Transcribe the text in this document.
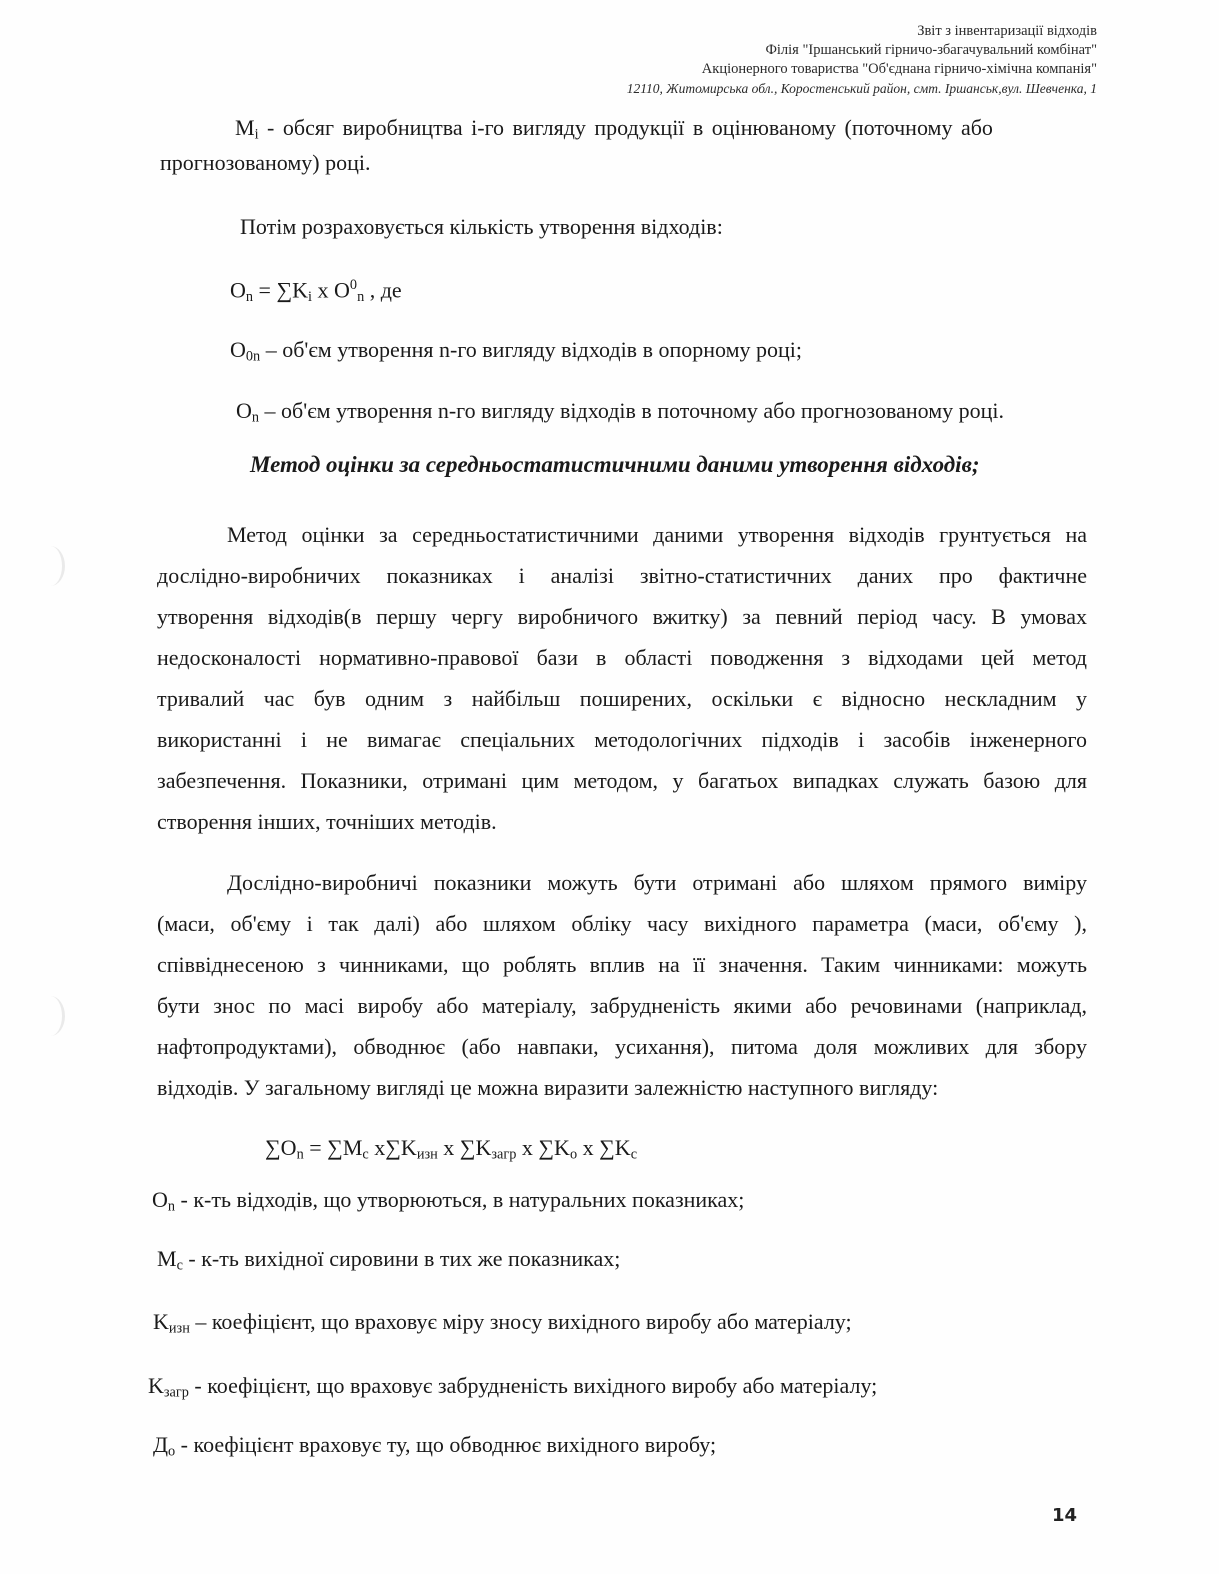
Звіт з інвентаризації відходів
Філія "Іршанський гірничо-збагачувальний комбінат"
Акціонерного товариства "Об'єднана гірничо-хімічна компанія"
12110, Житомирська обл., Коростенський район, смт. Іршанськ,вул. Шевченка, 1
$M_i$ - обсяг виробництва і-го вигляду продукції в оцінюваному (поточному або
прогнозованому) році.
Потім розраховується кількість утворення відходів:
$O_n = \sum K_i$ x $O^0_n$ , де
$O_{0n} - об'єм$ утворення n-го вигляду відходів в опорному році;
$O_n - об'єм$ утворення n-го вигляду відходів в поточному або прогнозованому році.
Метод оцінки за середньостатистичними даними утворення відходів;
Метод оцінки за середньостатистичними даними утворення відходів грунтується на
дослідно-виробничих показниках і аналізі звітно-статистичних даних про фактичне
утворення відходів(в першу чергу виробничого вжитку) за певний період часу. В умовах
недосконалості нормативно-правової бази в області поводження з відходами цей метод
тривалий час був одним з найбільш поширених, оскільки є відносно нескладним у
використанні і не вимагає спеціальних методологічних підходів і засобів інженерного
забезпечення. Показники, отримані цим методом, у багатьох випадках служать базою для
створення інших, точніших методів.
Дослідно-виробничі показники можуть бути отримані або шляхом прямого виміру
(маси, об'єму і так далі) або шляхом обліку часу вихідного параметра (маси, об'єму ),
співвіднесеною з чинниками, що роблять вплив на її значення. Таким чинниками: можуть
бути знос по масі виробу або матеріалу, забрудненість якими або речовинами (наприклад,
нафтопродуктами), обводнює (або навпаки, усихання), питома доля можливих для збору
відходів. У загальному вигляді це можна виразити залежністю наступного вигляду:
$\sum O_n = \sum M_c$ $x\sum K_{изн}$ x $\sum K_{загр}$ x $\sum K_o$ x $\sum K_c$
$O_n - к-ть$ відходів, що утворюються, в натуральних показниках;
$M_c - к-ть$ вихідної сировини в тих же показниках;
$K_{изн}$ – коефіцієнт, що враховує міру зносу вихідного виробу або матеріалу;
$K_{загр}$ - коефіцієнт, що враховує забрудненість вихідного виробу або матеріалу;
$Д_o$ - коефіцієнт враховує ту, що обводнює вихідного виробу;
14
